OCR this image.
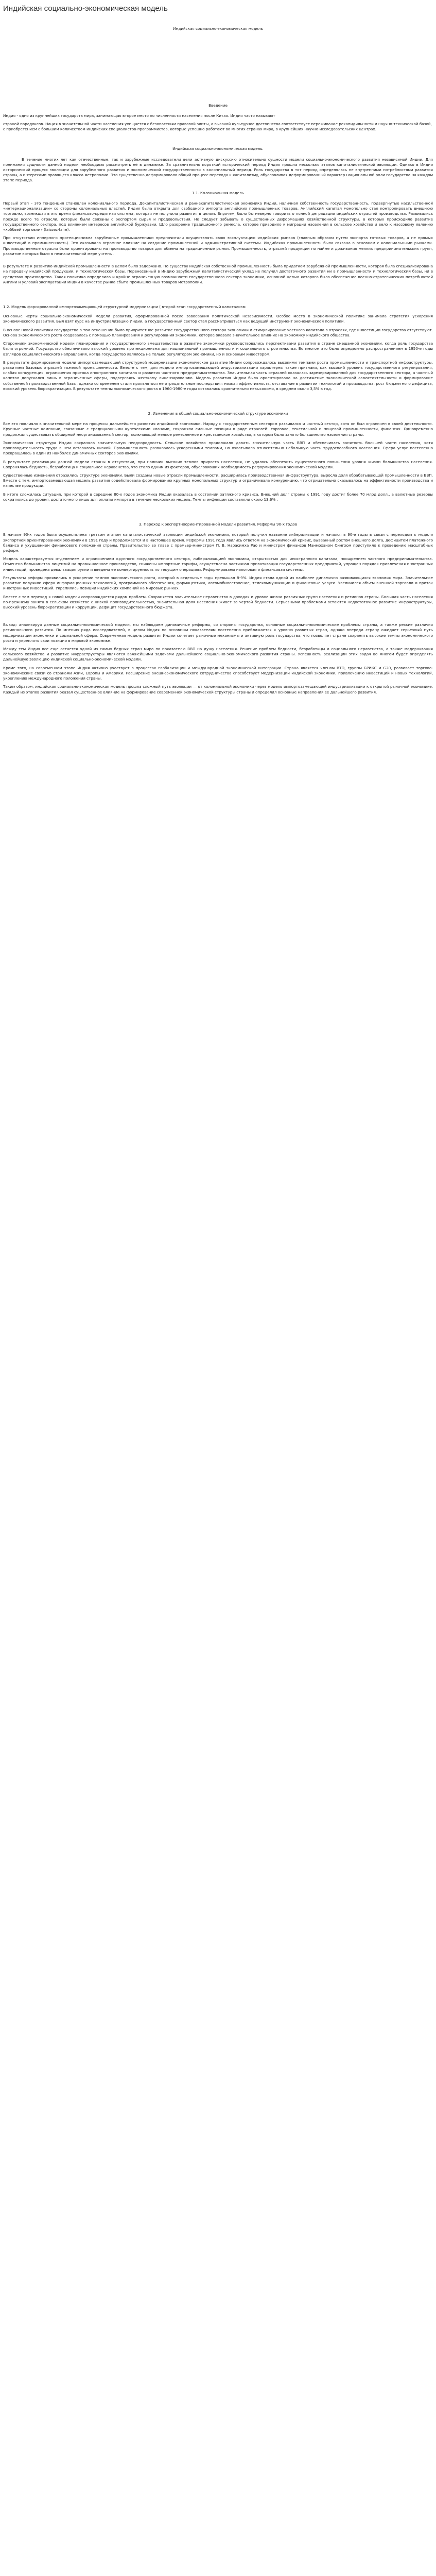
Индийская социально-экономическая модель

Индийская социально-экономическая модель

Введение

Индия - одно из крупнейших государств мира, занимающая второе место по численности населения после Китая. Индия часто называют

страной парадоксов. Нация в значительной части населения ухищается с безопастным правовой элиты, а высокой культурное достоинства соответствует переживание рекапидильности и научно-технической базой, с приобретением с большим количеством индийских специалистов-программистов, которые успешно работают во многих странах мира, в крупнейших научно-исследовательских центрах.

Индийская социально-экономическая модель.

В течение многих лет как отечественные, так и зарубежные исследователи вели активную дискуссию относительно сущности модели социально-экономического развития независимой Индии. Для понимания сущности данной модели необходимо рассмотреть её в динамике. За сравнительно короткий исторический период Индия прошла несколько этапов капиталистической эволюции. Однако в Индии исторический процесс эволюции для зарубежного развития и экономической государственности в колониальный период. Роль государства в тот период определялась не внутренними потребностями развития страны, а интересами правящего класса метрополии. Это существенно деформировало общий процесс перехода к капитализму, обусловливая деформированный характер национальной роли государства на каждом этапе периода.

1.1. Колониальная модель

Первый этап – это тенденция становлен колониального периода. Докапиталистическая и раннекапиталистическая экономика Индии, наличная собственность государственность, подвергнутые насильственной «интернационализации» со стороны колониальных властей, Индия была открыта для свободного импорта английских промышленных товаров, Английский капитал монопольно стал контролировать внешнюю торговлю, возникшая в это время финансово-кредитная система, которая не получила развития в целом. Впрочем, было бы неверно говорить о полной деградации индийских отраслей производства. Развивались прежде всего те отрасли, которые были связаны с экспортом сырья и продовольствия. Не следует забывать о существенных деформациях хозяйственной структуры, в которых происходило развитие государственного сектора, под влиянием интересов английской буржуазии. Шло разорение традиционного ремесла, которое приводило к миграции населения в сельское хозяйство и вело к массовому явлению «хоббьей торговли» (laissez-faire).

При отсутствии иннерного протекционизма зарубежные промышленники предпочитали осуществлять свою эксплуатацию индийских рынков (главным образом путем экспорта готовых товаров, а не прямых инвестиций в промышленность). Это оказывало огромное влияние на создание промышленной и административной системы. Индийская промышленность была связана в основном с колониальными рынками. Производственные отрасли были ориентированы на производство товаров для обмена на традиционные рынки. Промышленность, отраслей продукции по найме и доживания мелких предпринимательских групп, развитие которых были в незначительной мере учтены.

В результате к развитию индийской промышленности в целом было задержано. По существу индийская собственной промышленность была придатком зарубежной промышленности, которая была специализирована на передачу индийской продукции, и технологической базы. Перенесенный в Индию зарубежный капиталистический уклад не получил достаточного развития ни в промышленности и технологический базы, ни в средствах производства. Такая политика определила и крайне ограниченную возможности государственного сектора экономики, основной целью которого было обеспечение военно-стратегических потребностей Англии и условий эксплуатации Индии в качестве рынка сбыта промышленных товаров метрополии.

1.2. Модель форсированной импортозамещающей структурной модернизации ( второй этап государственный капитализм

Основные черты социально-экономической модели развития, сформированной после завоевания политической независимости. Особое место в экономической политике занимала стратегия ускорения экономического развития. Был взят курс на индустриализацию Индии, а государственный сектор стал рассматриваться как ведущий инструмент экономической политики.

В основе новой политики государства в том отношении было приоритетное развитие государственного сектора экономики и стимулирование частного капитала в отраслях, где инвестиции государства отсутствуют. Основа экономического роста создавалась с помощью планирования и регулирования экономики, которое оказало значительное влияние на экономику индийского общества.

Сторонники экономической модели планирования и государственного вмешательства в развитие экономики руководствовались перспективами развития в стране смешанной экономики, когда роль государства была огромной. Государство обеспечивало высокий уровень протекционизма для национальной промышленности и социального строительства. Во многом это было определено распространением в 1950-е годы взглядов социалистического направления, когда государство являлось не только регулятором экономики, но и основным инвестором.

В результате формирования модели импортозамещающей структурной модернизации экономическое развитие Индии сопровождалось высокими темпами роста промышленности и транспортной инфраструктуры, развитием базовых отраслей тяжелой промышленности. Вместе с тем, для модели импортозамещающей индустриализации характерны такие признаки, как высокий уровень государственного регулирования, слабая конкуренция, ограничения притока иностранного капитала и развития частного предпринимательства. Значительная часть отраслей оказалась зарезервированной для государственного сектора, а частный капитал допускался лишь в ограниченные сферы, подвергаясь жесткому лицензированию. Модель развития Индии была ориентирована на достижение экономической самостоятельности и формирование собственной производственной базы, однако со временем стали проявляться ее отрицательные последствия: низкая эффективность, отставание в развитии технологий и производства, рост бюджетного дефицита, высокий уровень бюрократизации. В результате темпы экономического роста в 1960-1980-е годы оставались сравнительно невысокими, в среднем около 3,5% в год.

2. Изменения в общей социально-экономической структуре экономики

Все это повлияло в значительной мере на процессы дальнейшего развития индийской экономики. Наряду с государственным сектором развивался и частный сектор, хотя он был ограничен в своей деятельности. Крупные частные компании, связанные с традиционными купеческими кланами, сохраняли сильные позиции в ряде отраслей: торговле, текстильной и пищевой промышленности, финансах. Одновременно продолжал существовать обширный неорганизованный сектор, включающий мелкое ремесленное и крестьянское хозяйство, в котором было занято большинство населения страны.

Экономическая структура Индии сохраняла значительную неоднородность. Сельское хозяйство продолжало давать значительную часть ВВП и обеспечивать занятость большей части населения, хотя производительность труда в нем оставалась низкой. Промышленность развивалась ускоренными темпами, но охватывала относительно небольшую часть трудоспособного населения. Сфера услуг постепенно превращалась в один из наиболее динамичных секторов экономики.

В результате реализации данной модели страны в отсутствии, при наличии высоких темпов прироста населения, не удалось обеспечить существенного повышения уровня жизни большинства населения. Сохранялась бедность, безработица и социальное неравенство, что стало одним из факторов, обусловивших необходимость реформирования экономической модели.

Существенные изменения отразились структуре экономики. Были созданы новые отрасли промышленности, расширилась производственная инфраструктура, выросла доля обрабатывающей промышленности в ВВП. Вместе с тем, импортозамещающая модель развития содействовала формированию крупных монопольных структур и ограничивала конкуренцию, что отрицательно сказывалось на эффективности производства и качестве продукции.

В итоге сложилась ситуация, при которой в середине 80-х годов экономика Индии оказалась в состоянии затяжного кризиса. Внешний долг страны к 1991 году достиг более 70 млрд долл., а валютные резервы сократились до уровня, достаточного лишь для оплаты импорта в течение нескольких недель. Темпы инфляции составляли около 13,6% .

3. Переход к экспортноориентированной модели развития. Реформы 90-х годов

В начале 90-х годов была осуществлена третьим этапом капиталистической эволюции индийской экономики, который получил название либерализации и начался в 90-е годы в связи с переходом к модели экспортной ориентированной экономики в 1991 году и продолжается и в настоящее время. Реформы 1991 года явились ответом на экономический кризис, вызванный ростом внешнего долга, дефицитом платежного баланса и ухудшением финансового положения страны. Правительство во главе с премьер-министром П. В. Нарасимха Рао и министром финансов Манмоханом Сингхом приступило к проведению масштабных реформ.

Модель характеризуется отделением и ограничением крупного государственного сектора, либерализацией экономики, открытостью для иностранного капитала, поощрением частного предпринимательства. Отменено большинство лицензий на промышленное производство, снижены импортные тарифы, осуществлена частичная приватизация государственных предприятий, упрощен порядок привлечения иностранных инвестиций, проведена девальвация рупии и введена ее конвертируемость по текущим операциям. Реформированы налоговая и финансовая системы.

Результаты реформ проявились в ускорении темпов экономического роста, который в отдельные годы превышал 8-9%. Индия стала одной из наиболее динамично развивающихся экономик мира. Значительное развитие получили сфера информационных технологий, программного обеспечения, фармацевтика, автомобилестроение, телекоммуникации и финансовые услуги. Увеличился объем внешней торговли и приток иностранных инвестиций. Укрепились позиции индийских компаний на мировых рынках.

Вместе с тем переход к новой модели сопровождается рядом проблем. Сохраняется значительное неравенство в доходах и уровне жизни различных групп населения и регионов страны. Большая часть населения по-прежнему занята в сельском хозяйстве с низкой производительностью, значительная доля населения живет за чертой бедности. Серьезными проблемами остаются недостаточное развитие инфраструктуры, высокий уровень бюрократизации и коррупции, дефицит государственного бюджета.

Вывод: анализируя данные социально-экономической модели, мы наблюдаем динамичные реформы, со стороны государства, основные социально-экономические проблемы страны, а также резкие различия регионального развития. По мнению ряда исследователей, в целом Индия по основным показателям постепенно приближается к уровню развитых стран, однако впереди страну ожидает серьезный путь модернизации экономики и социальной сферы. Современная модель развития Индии сочетает рыночные механизмы и активную роль государства, что позволяет стране сохранять высокие темпы экономического роста и укреплять свои позиции в мировой экономике.

Между тем Индия все еще остается одной из самых бедных стран мира по показателю ВВП на душу населения. Решение проблем бедности, безработицы и социального неравенства, а также модернизация сельского хозяйства и развитие инфраструктуры являются важнейшими задачами дальнейшего социально-экономического развития страны. Успешность реализации этих задач во многом будет определять дальнейшую эволюцию индийской социально-экономической модели.

Кроме того, на современном этапе Индия активно участвует в процессах глобализации и международной экономической интеграции. Страна является членом ВТО, группы БРИКС и G20, развивает торгово-экономические связи со странами Азии, Европы и Америки. Расширение внешнеэкономического сотрудничества способствует модернизации индийской экономики, привлечению инвестиций и новых технологий, укреплению международного положения страны.

Таким образом, индийская социально-экономическая модель прошла сложный путь эволюции — от колониальной экономики через модель импортозамещающей индустриализации к открытой рыночной экономике. Каждый из этапов развития оказал существенное влияние на формирование современной экономической структуры страны и определил основные направления ее дальнейшего развития.
